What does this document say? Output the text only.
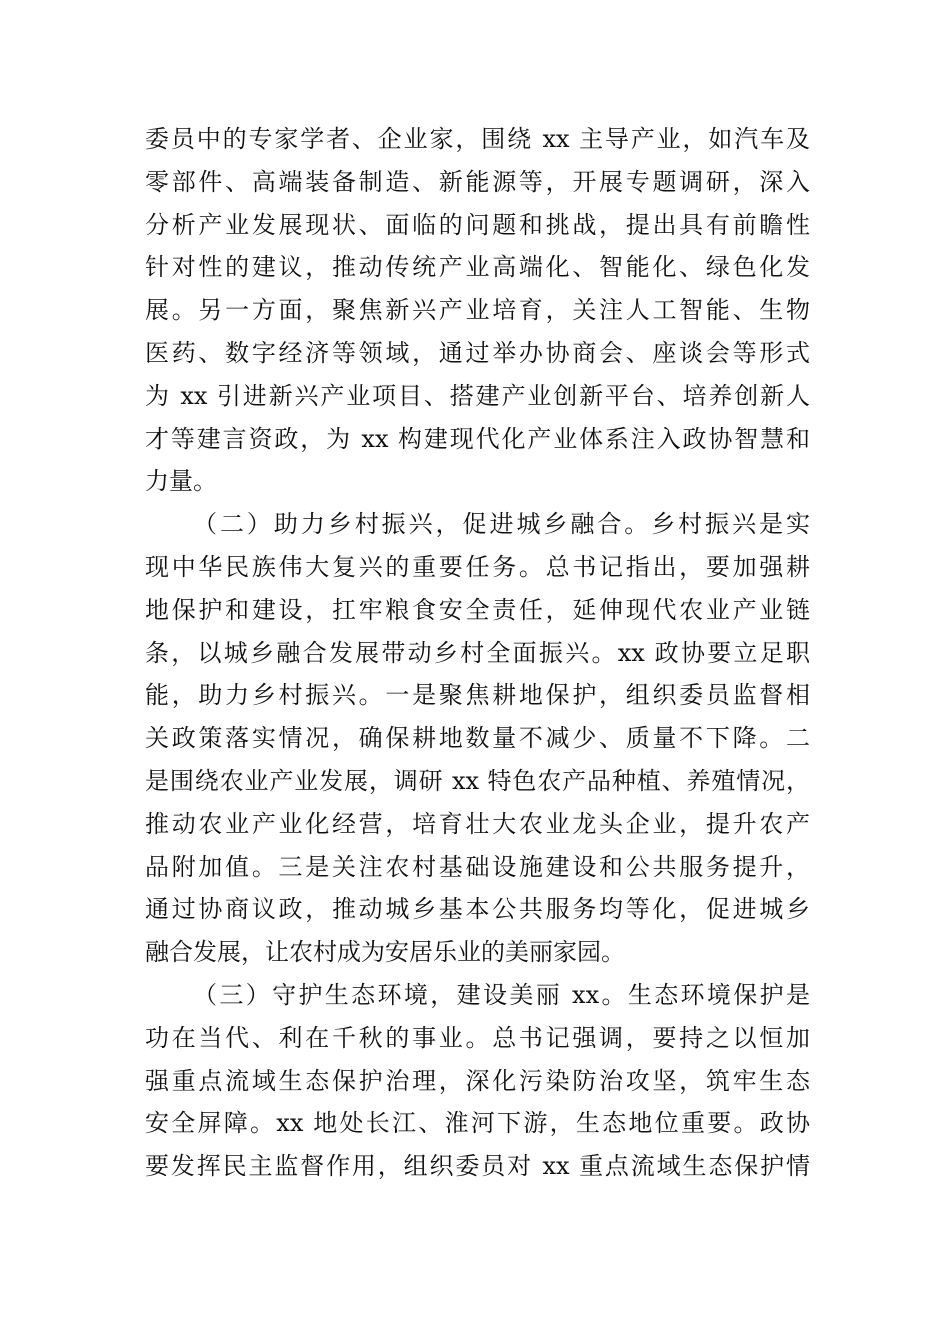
委员中的专家学者、企业家，围绕 xx 主导产业，如汽车及
零部件、高端装备制造、新能源等，开展专题调研，深入
分析产业发展现状、面临的问题和挑战，提出具有前瞻性
针对性的建议，推动传统产业高端化、智能化、绿色化发
展。另一方面，聚焦新兴产业培育，关注人工智能、生物
医药、数字经济等领域，通过举办协商会、座谈会等形式
为 xx 引进新兴产业项目、搭建产业创新平台、培养创新人
才等建言资政，为 xx 构建现代化产业体系注入政协智慧和
力量。
（二）助力乡村振兴，促进城乡融合。乡村振兴是实
现中华民族伟大复兴的重要任务。总书记指出，要加强耕
地保护和建设，扛牢粮食安全责任，延伸现代农业产业链
条，以城乡融合发展带动乡村全面振兴。xx 政协要立足职
能，助力乡村振兴。一是聚焦耕地保护，组织委员监督相
关政策落实情况，确保耕地数量不减少、质量不下降。二
是围绕农业产业发展，调研 xx 特色农产品种植、养殖情况，
推动农业产业化经营，培育壮大农业龙头企业，提升农产
品附加值。三是关注农村基础设施建设和公共服务提升，
通过协商议政，推动城乡基本公共服务均等化，促进城乡
融合发展，让农村成为安居乐业的美丽家园。
（三）守护生态环境，建设美丽 xx。生态环境保护是
功在当代、利在千秋的事业。总书记强调，要持之以恒加
强重点流域生态保护治理，深化污染防治攻坚，筑牢生态
安全屏障。xx 地处长江、淮河下游，生态地位重要。政协
要发挥民主监督作用，组织委员对 xx 重点流域生态保护情
